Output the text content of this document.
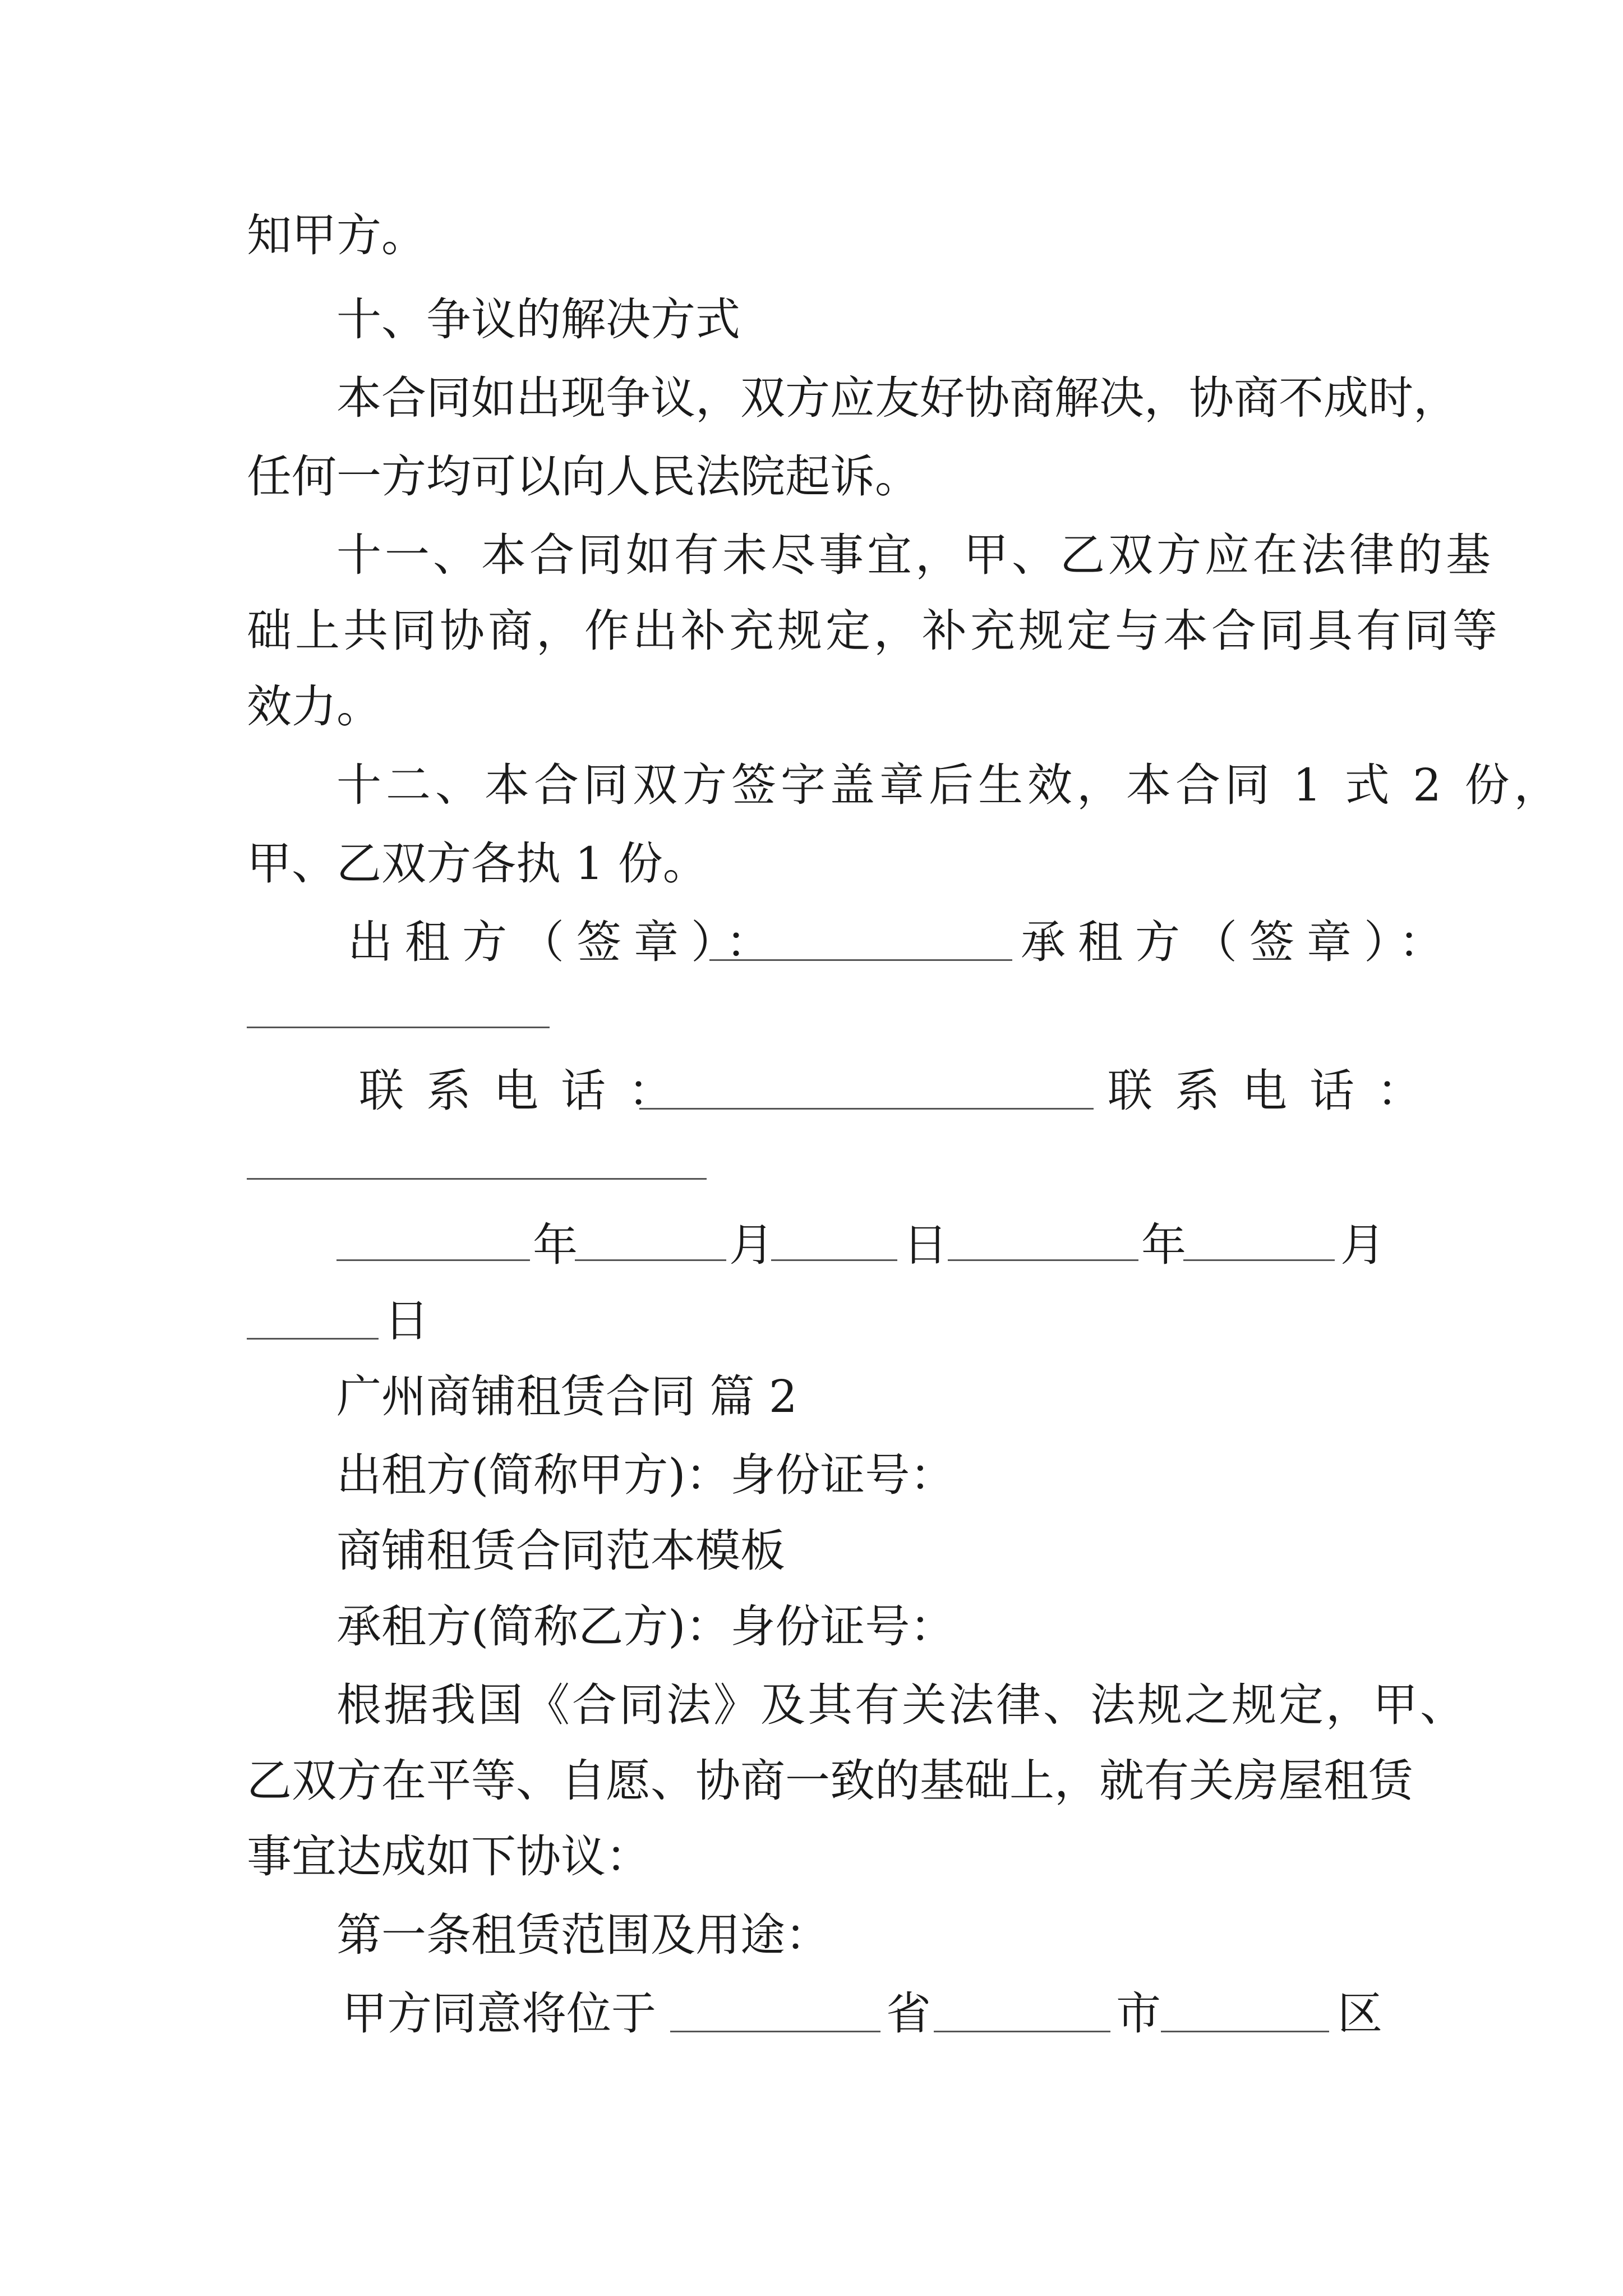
知甲方。

十、争议的解决方式

本合同如出现争议，双方应友好协商解决，协商不成时，

任何一方均可以向人民法院起诉。

十一、本合同如有未尽事宜，甲、乙双方应在法律的基

础上共同协商，作出补充规定，补充规定与本合同具有同等

效力。

十二、本合同双方签字盖章后生效，本合同 1 式 2 份，

甲、乙双方各执 1 份。

出租方（签章）：	承租方（签章）：

联系电话：	联系电话：

年	月	日	年	月

日

广州商铺租赁合同 篇 2

出租方(简称甲方)：身份证号：

商铺租赁合同范本模板

承租方(简称乙方)：身份证号：

根据我国《合同法》及其有关法律、法规之规定，甲、

乙双方在平等、自愿、协商一致的基础上，就有关房屋租赁

事宜达成如下协议：

第一条租赁范围及用途：

甲方同意将位于	省	市	区
